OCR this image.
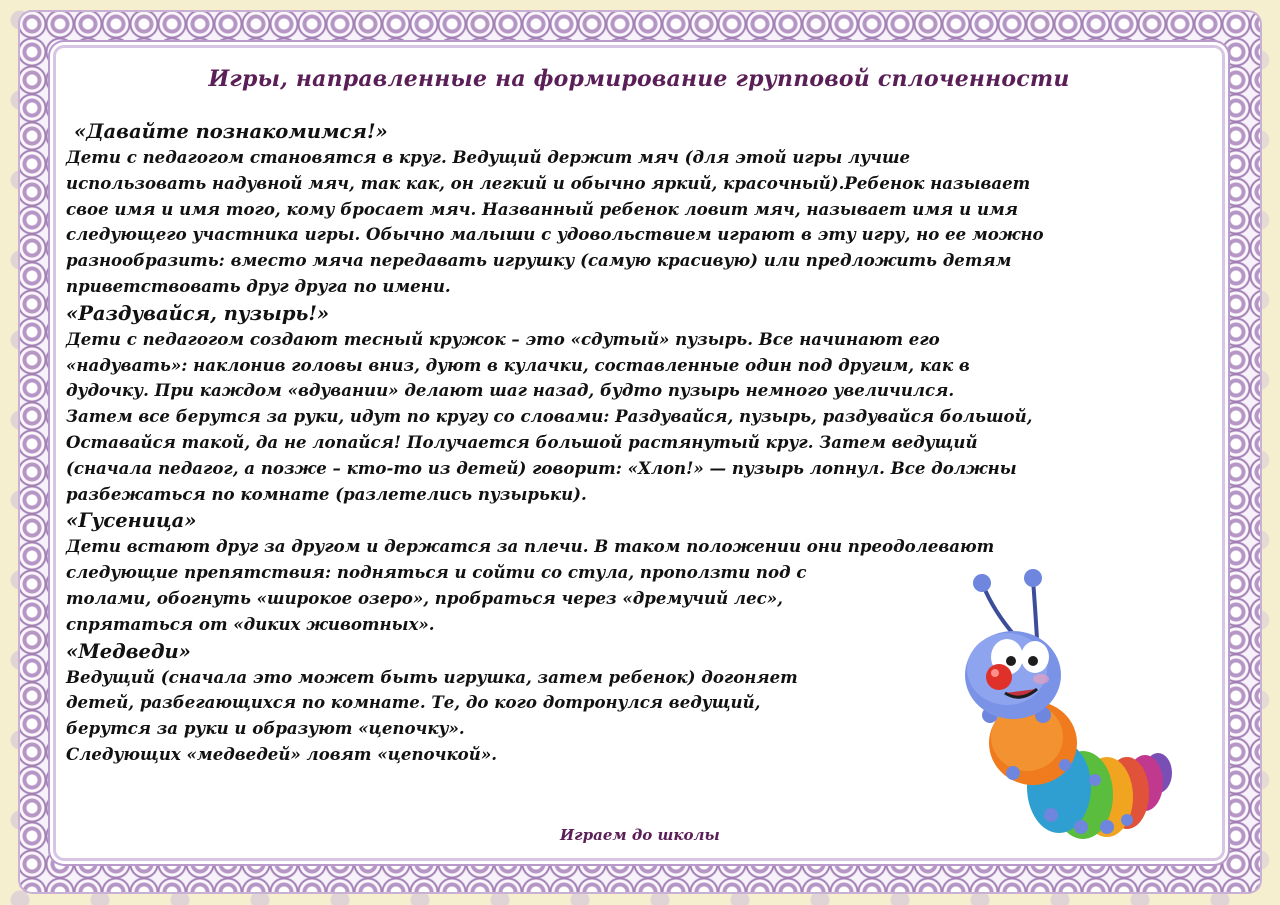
Игры, направленные на формирование групповой сплоченности

«Давайте познакомимся!»

Дети с педагогом становятся в круг. Ведущий держит мяч (для этой игры лучше
использовать надувной мяч, так как, он легкий и обычно яркий, красочный).Ребенок называет
свое имя и имя того, кому бросает мяч. Названный ребенок ловит мяч, называет имя и имя
следующего участника игры. Обычно малыши с удовольствием играют в эту игру, но ее можно
разнообразить: вместо мяча передавать игрушку (самую красивую) или предложить детям
приветствовать друг друга по имени.

«Раздувайся, пузырь!»

Дети с педагогом создают тесный кружок – это «сдутый» пузырь. Все начинают его
«надувать»: наклонив головы вниз, дуют в кулачки, составленные один под другим, как в
дудочку. При каждом «вдувании» делают шаг назад, будто пузырь немного увеличился.
Затем все берутся за руки, идут по кругу со словами: Раздувайся, пузырь, раздувайся большой,
Оставайся такой, да не лопайся! Получается большой растянутый круг. Затем ведущий
(сначала педагог, а позже – кто-то из детей) говорит: «Хлоп!» — пузырь лопнул. Все должны
разбежаться по комнате (разлетелись пузырьки).

«Гусеница»

Дети встают друг за другом и держатся за плечи. В таком положении они преодолевают
следующие препятствия: подняться и сойти со стула, проползти под с
толами, обогнуть «широкое озеро», пробраться через «дремучий лес»,
спрятаться от «диких животных».

«Медведи»

Ведущий (сначала это может быть игрушка, затем ребенок) догоняет
детей, разбегающихся по комнате. Те, до кого дотронулся ведущий,
берутся за руки и образуют «цепочку».
Следующих «медведей» ловят «цепочкой».

Играем до школы
